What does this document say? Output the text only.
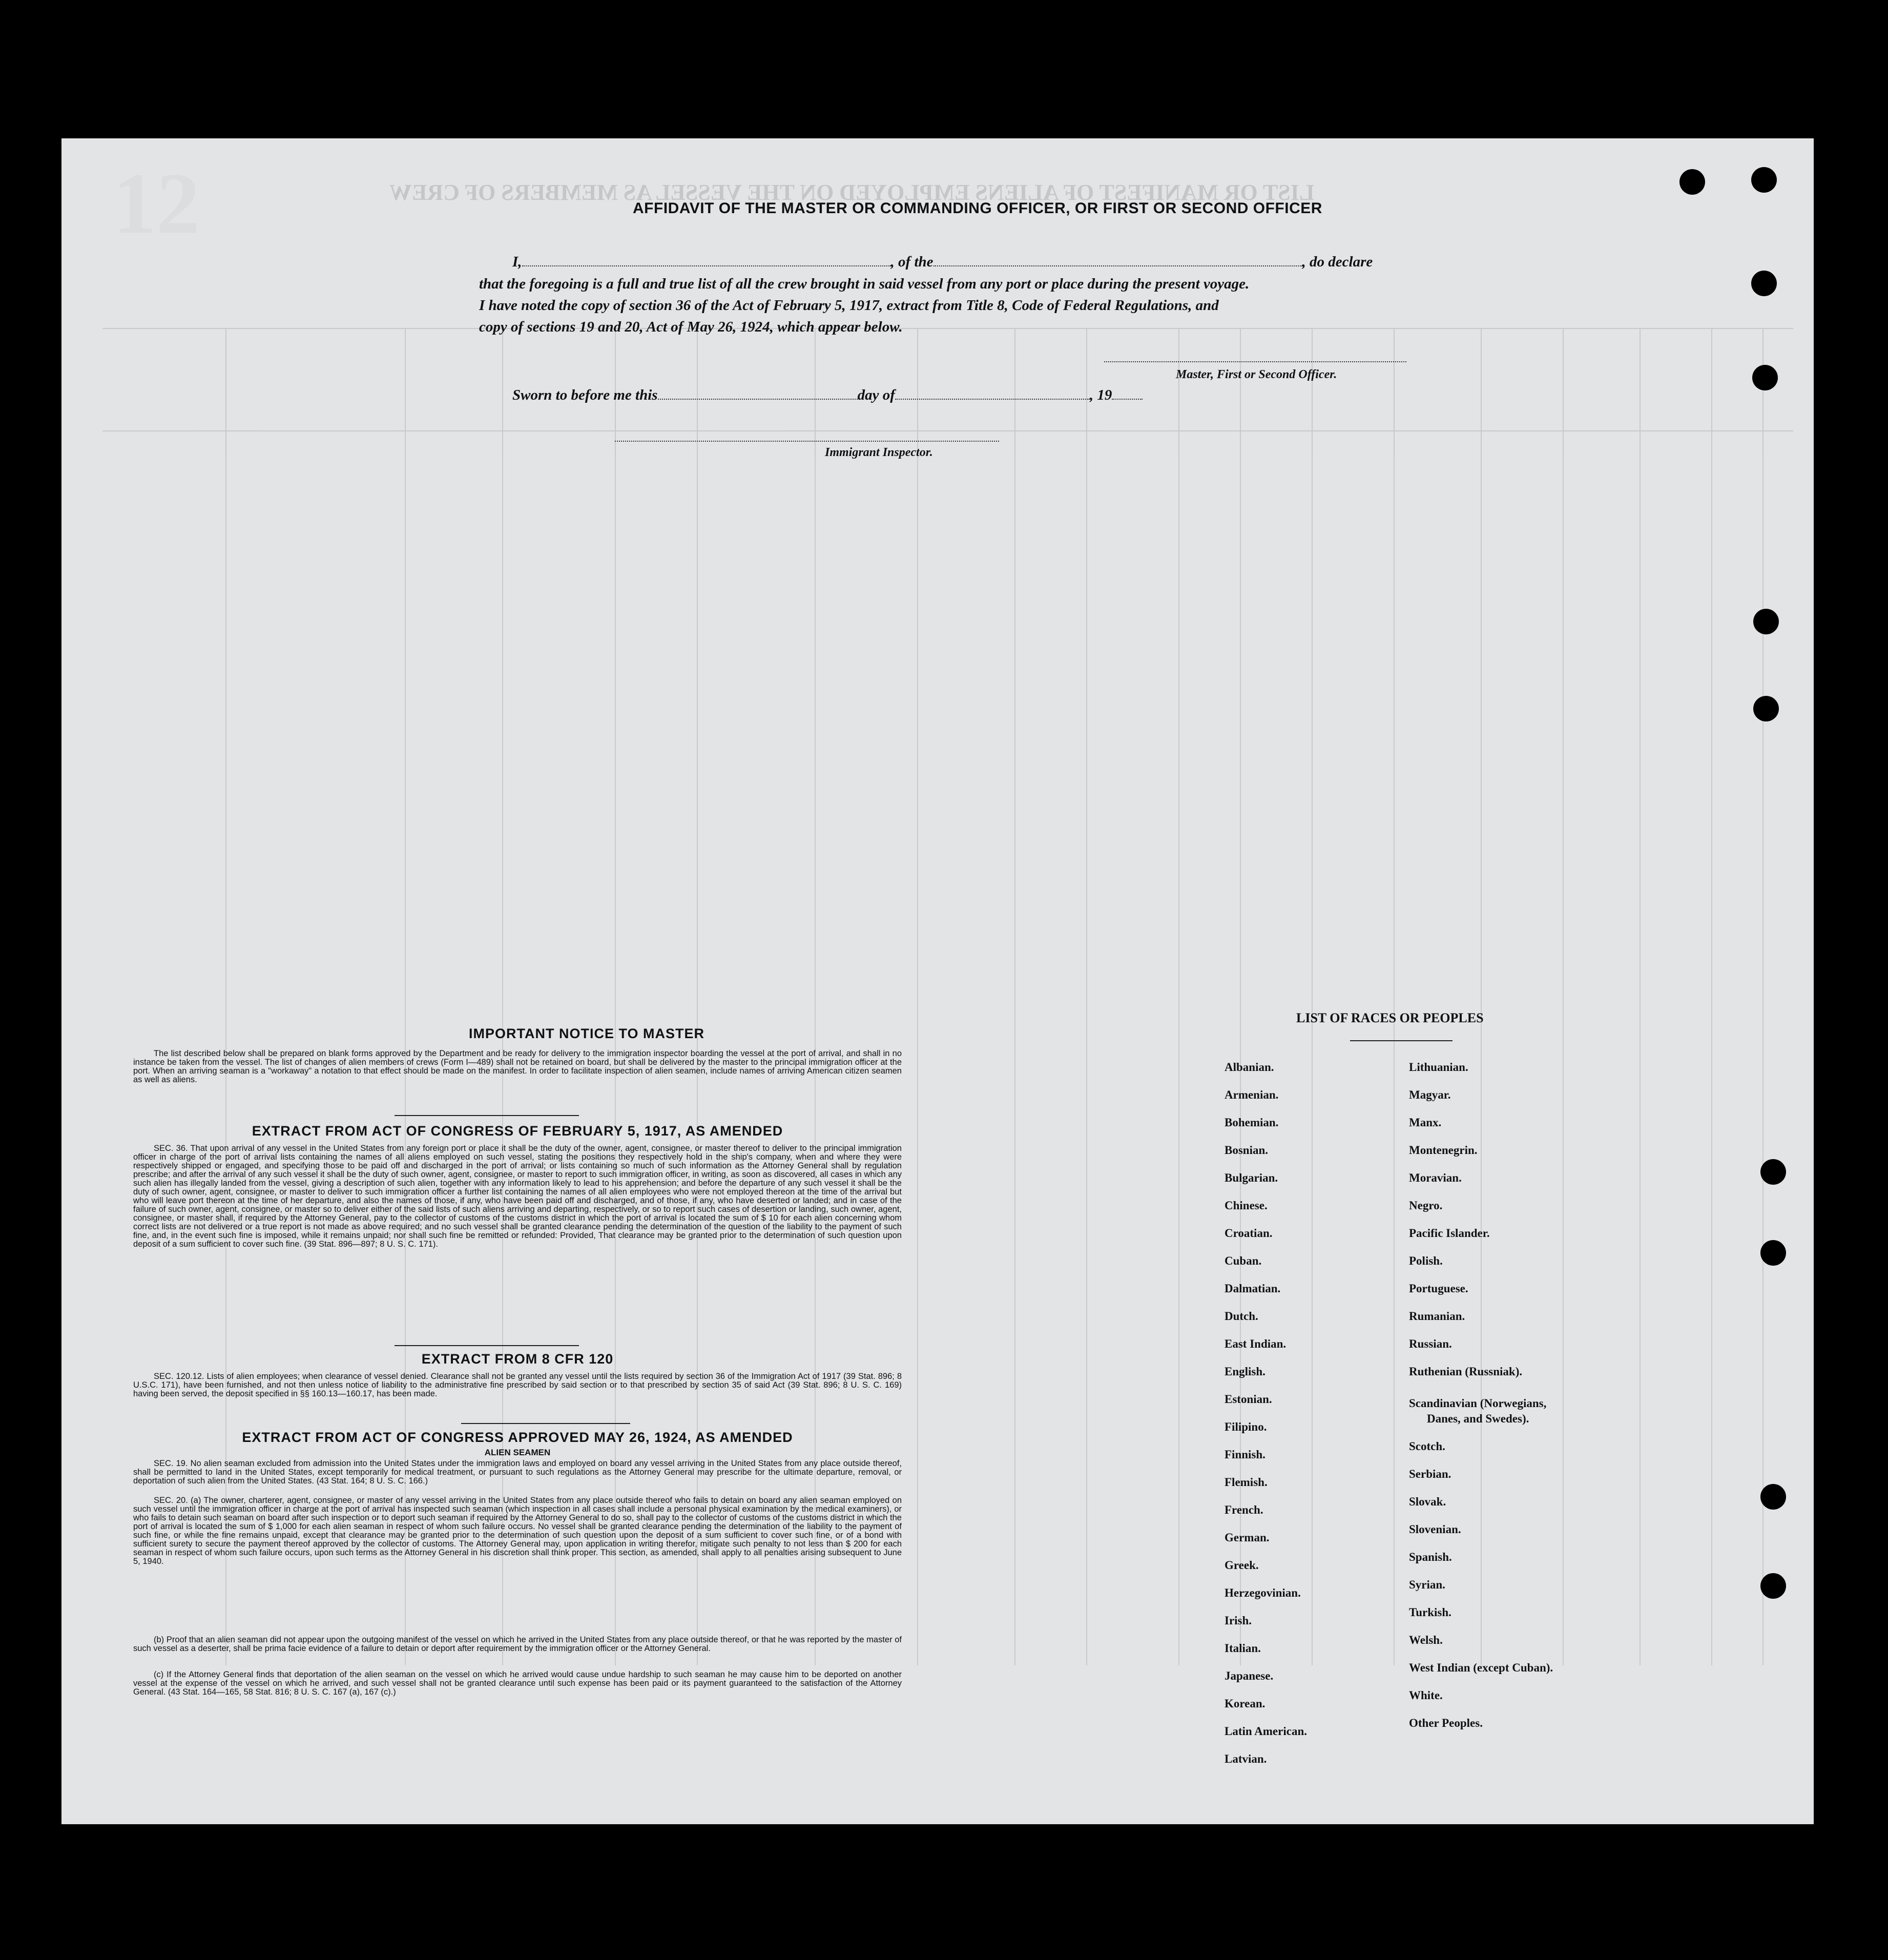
LIST OR MANIFEST OF ALIENS EMPLOYED ON THE VESSEL AS MEMBERS OF CREW
AFFIDAVIT OF THE MASTER OR COMMANDING OFFICER, OR FIRST OR SECOND OFFICER
I,	, of the	, do declare
that the foregoing is a full and true list of all the crew brought in said vessel from any port or place during the present voyage.
I have noted the copy of section 36 of the Act of February 5, 1917, extract from Title 8, Code of Federal Regulations, and
copy of sections 19 and 20, Act of May 26, 1924, which appear below.
Master, First or Second Officer.
Sworn to before me this	day of	, 19
Immigrant Inspector.
IMPORTANT NOTICE TO MASTER
The list described below shall be prepared on blank forms approved by the Department and be ready for delivery to the immigration inspector boarding the vessel at the port of arrival, and shall in no instance be taken from the vessel. The list of changes of alien members of crews (Form I—489) shall not be retained on board, but shall be delivered by the master to the principal immigration officer at the port. When an arriving seaman is a "workaway" a notation to that effect should be made on the manifest. In order to facilitate inspection of alien seamen, include names of arriving American citizen seamen as well as aliens.
EXTRACT FROM ACT OF CONGRESS OF FEBRUARY 5, 1917, AS AMENDED
SEC. 36. That upon arrival of any vessel in the United States from any foreign port or place it shall be the duty of the owner, agent, consignee, or master thereof to deliver to the principal immigration officer in charge of the port of arrival lists containing the names of all aliens employed on such vessel, stating the positions they respectively hold in the ship's company, when and where they were respectively shipped or engaged, and specifying those to be paid off and discharged in the port of arrival; or lists containing so much of such information as the Attorney General shall by regulation prescribe; and after the arrival of any such vessel it shall be the duty of such owner, agent, consignee, or master to report to such immigration officer, in writing, as soon as discovered, all cases in which any such alien has illegally landed from the vessel, giving a description of such alien, together with any information likely to lead to his apprehension; and before the departure of any such vessel it shall be the duty of such owner, agent, consignee, or master to deliver to such immigration officer a further list containing the names of all alien employees who were not employed thereon at the time of the arrival but who will leave port thereon at the time of her departure, and also the names of those, if any, who have been paid off and discharged, and of those, if any, who have deserted or landed; and in case of the failure of such owner, agent, consignee, or master so to deliver either of the said lists of such aliens arriving and departing, respectively, or so to report such cases of desertion or landing, such owner, agent, consignee, or master shall, if required by the Attorney General, pay to the collector of customs of the customs district in which the port of arrival is located the sum of $ 10 for each alien concerning whom correct lists are not delivered or a true report is not made as above required; and no such vessel shall be granted clearance pending the determination of the question of the liability to the payment of such fine, and, in the event such fine is imposed, while it remains unpaid; nor shall such fine be remitted or refunded: Provided, That clearance may be granted prior to the determination of such question upon deposit of a sum sufficient to cover such fine. (39 Stat. 896—897; 8 U. S. C. 171).
EXTRACT FROM 8 CFR 120
SEC. 120.12. Lists of alien employees; when clearance of vessel denied. Clearance shall not be granted any vessel until the lists required by section 36 of the Immigration Act of 1917 (39 Stat. 896; 8 U.S.C. 171), have been furnished, and not then unless notice of liability to the administrative fine prescribed by said section or to that prescribed by section 35 of said Act (39 Stat. 896; 8 U. S. C. 169) having been served, the deposit specified in §§ 160.13—160.17, has been made.
EXTRACT FROM ACT OF CONGRESS APPROVED MAY 26, 1924, AS AMENDED
ALIEN SEAMEN
SEC. 19. No alien seaman excluded from admission into the United States under the immigration laws and employed on board any vessel arriving in the United States from any place outside thereof, shall be permitted to land in the United States, except temporarily for medical treatment, or pursuant to such regulations as the Attorney General may prescribe for the ultimate departure, removal, or deportation of such alien from the United States. (43 Stat. 164; 8 U. S. C. 166.)
SEC. 20. (a) The owner, charterer, agent, consignee, or master of any vessel arriving in the United States from any place outside thereof who fails to detain on board any alien seaman employed on such vessel until the immigration officer in charge at the port of arrival has inspected such seaman (which inspection in all cases shall include a personal physical examination by the medical examiners), or who fails to detain such seaman on board after such inspection or to deport such seaman if required by the Attorney General to do so, shall pay to the collector of customs of the customs district in which the port of arrival is located the sum of $ 1,000 for each alien seaman in respect of whom such failure occurs. No vessel shall be granted clearance pending the determination of the liability to the payment of such fine, or while the fine remains unpaid, except that clearance may be granted prior to the determination of such question upon the deposit of a sum sufficient to cover such fine, or of a bond with sufficient surety to secure the payment thereof approved by the collector of customs. The Attorney General may, upon application in writing therefor, mitigate such penalty to not less than $ 200 for each seaman in respect of whom such failure occurs, upon such terms as the Attorney General in his discretion shall think proper. This section, as amended, shall apply to all penalties arising subsequent to June 5, 1940.
(b) Proof that an alien seaman did not appear upon the outgoing manifest of the vessel on which he arrived in the United States from any place outside thereof, or that he was reported by the master of such vessel as a deserter, shall be prima facie evidence of a failure to detain or deport after requirement by the immigration officer or the Attorney General.
(c) If the Attorney General finds that deportation of the alien seaman on the vessel on which he arrived would cause undue hardship to such seaman he may cause him to be deported on another vessel at the expense of the vessel on which he arrived, and such vessel shall not be granted clearance until such expense has been paid or its payment guaranteed to the satisfaction of the Attorney General. (43 Stat. 164—165, 58 Stat. 816; 8 U. S. C. 167 (a), 167 (c).)
LIST OF RACES OR PEOPLES
Albanian.
Armenian.
Bohemian.
Bosnian.
Bulgarian.
Chinese.
Croatian.
Cuban.
Dalmatian.
Dutch.
East Indian.
English.
Estonian.
Filipino.
Finnish.
Flemish.
French.
German.
Greek.
Herzegovinian.
Irish.
Italian.
Japanese.
Korean.
Latin American.
Latvian.
Lithuanian.
Magyar.
Manx.
Montenegrin.
Moravian.
Negro.
Pacific Islander.
Polish.
Portuguese.
Rumanian.
Russian.
Ruthenian (Russniak).
Scandinavian (Norwegians,
Danes, and Swedes).
Scotch.
Serbian.
Slovak.
Slovenian.
Spanish.
Syrian.
Turkish.
Welsh.
West Indian (except Cuban).
White.
Other Peoples.
